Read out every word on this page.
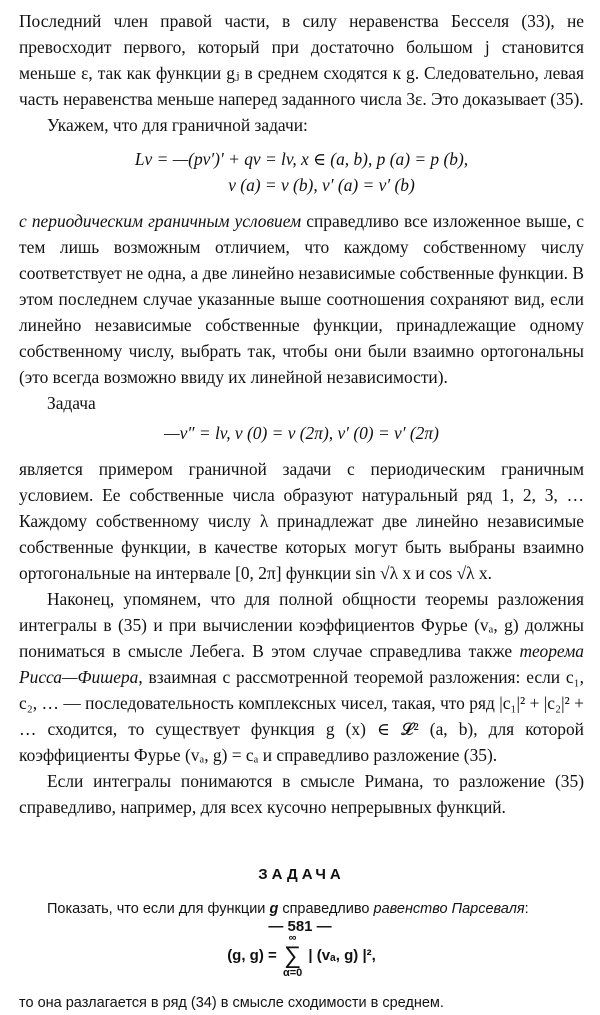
Последний член правой части, в силу неравенства Бесселя (33), не превосходит первого, который при достаточно большом j становится меньше ε, так как функции gⱼ в среднем сходятся к g. Следовательно, левая часть неравенства меньше наперед заданного числа 3ε. Это доказывает (35).

Укажем, что для граничной задачи:

Lv = —(pv′)′ + qv = lv, x ∈ (a, b), p (a) = p (b),
v (a) = v (b), v′ (a) = v′ (b)

с периодическим граничным условием справедливо все изложенное выше, с тем лишь возможным отличием, что каждому собственному числу соответствует не одна, а две линейно независимые собственные функции. В этом последнем случае указанные выше соотношения сохраняют вид, если линейно независимые собственные функции, принадлежащие одному собственному числу, выбрать так, чтобы они были взаимно ортогональны (это всегда возможно ввиду их линейной независимости).

Задача

—v″ = lv, v (0) = v (2π), v′ (0) = v′ (2π)

является примером граничной задачи с периодическим граничным условием. Ее собственные числа образуют натуральный ряд 1, 2, 3, … Каждому собственному числу λ принадлежат две линейно независимые собственные функции, в качестве которых могут быть выбраны взаимно ортогональные на интервале [0, 2π] функции sin √λ x и cos √λ x.

Наконец, упомянем, что для полной общности теоремы разложения интегралы в (35) и при вычислении коэффициентов Фурье (vₐ, g) должны пониматься в смысле Лебега. В этом случае справедлива также теорема Рисса—Фишера, взаимная с рассмотренной теоремой разложения: если c₁, c₂, … — последовательность комплексных чисел, такая, что ряд |c₁|² + |c₂|² + … сходится, то существует функция g (x) ∈ 𝓛² (a, b), для которой коэффициенты Фурье (vₐ, g) = cₐ и справедливо разложение (35).

Если интегралы понимаются в смысле Римана, то разложение (35) справедливо, например, для всех кусочно непрерывных функций.

ЗАДАЧА

Показать, что если для функции g справедливо равенство Парсеваля:

(g, g) =
∞
∑
α=0
| (vₐ, g) |²,

то она разлагается в ряд (34) в смысле сходимости в среднем.

— 581 —
